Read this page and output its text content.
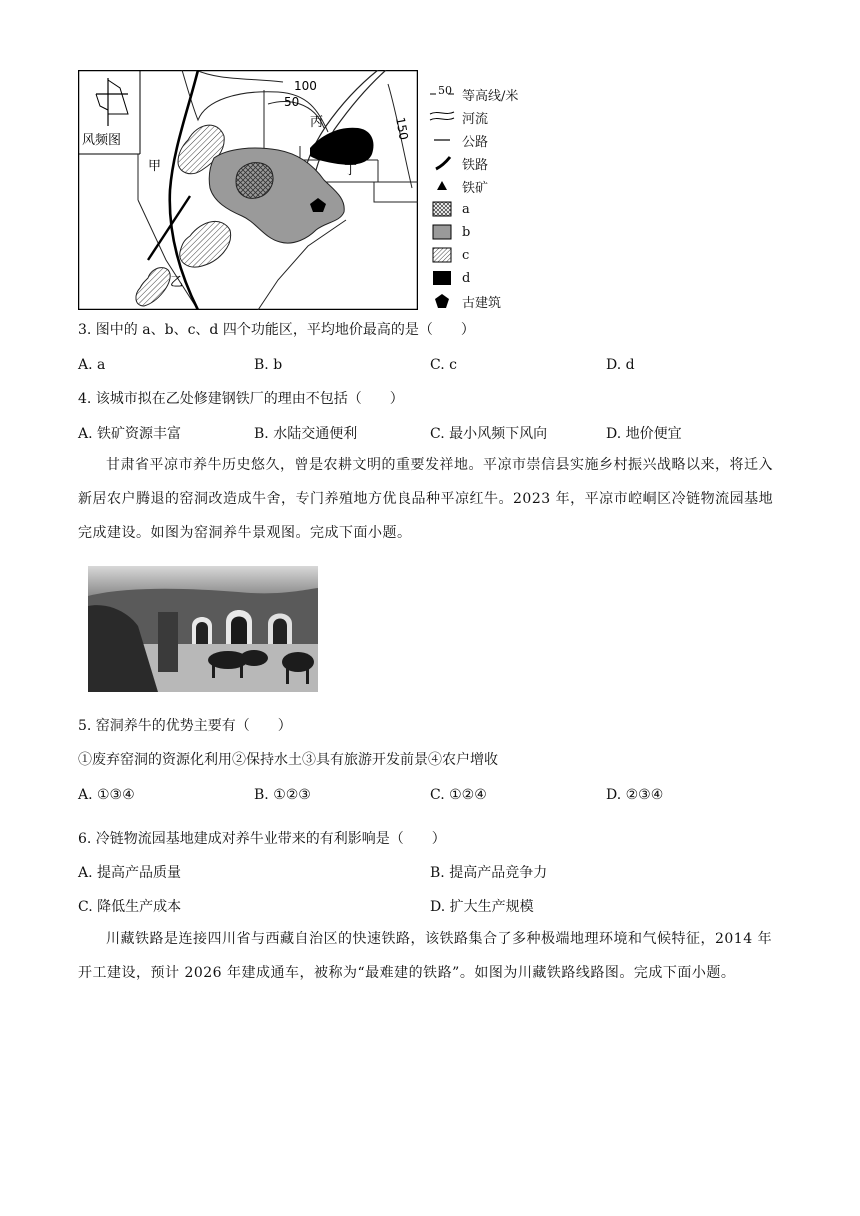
风频图
甲
乙
丙
丁
100
50
150
50 等高线/米
河流
公路
铁路
铁矿
a
b
c
d
古建筑
3. 图中的 a、b、c、d 四个功能区，平均地价最高的是（　　）
A. a	B. b	C. c	D. d
4. 该城市拟在乙处修建钢铁厂的理由不包括（　　）
A. 铁矿资源丰富	B. 水陆交通便利	C. 最小风频下风向	D. 地价便宜
甘肃省平凉市养牛历史悠久，曾是农耕文明的重要发祥地。平凉市崇信县实施乡村振兴战略以来，将迁入新居农户腾退的窑洞改造成牛舍，专门养殖地方优良品种平凉红牛。2023 年，平凉市崆峒区冷链物流园基地完成建设。如图为窑洞养牛景观图。完成下面小题。
5. 窑洞养牛的优势主要有（　　）
①废弃窑洞的资源化利用②保持水土③具有旅游开发前景④农户增收
A. ①③④	B. ①②③	C. ①②④	D. ②③④
6. 冷链物流园基地建成对养牛业带来的有利影响是（　　）
A. 提高产品质量	B. 提高产品竞争力
C. 降低生产成本	D. 扩大生产规模
川藏铁路是连接四川省与西藏自治区的快速铁路，该铁路集合了多种极端地理环境和气候特征，2014 年开工建设，预计 2026 年建成通车，被称为“最难建的铁路”。如图为川藏铁路线路图。完成下面小题。
